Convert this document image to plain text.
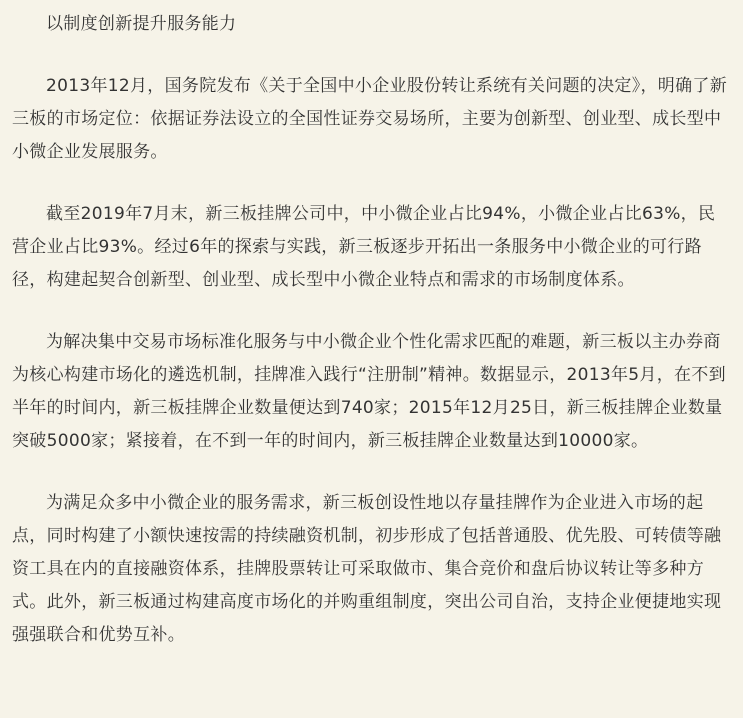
以制度创新提升服务能力

2013年12月，国务院发布《关于全国中小企业股份转让系统有关问题的决定》，明确了新三板的市场定位：依据证券法设立的全国性证券交易场所，主要为创新型、创业型、成长型中小微企业发展服务。

截至2019年7月末，新三板挂牌公司中，中小微企业占比94%，小微企业占比63%，民营企业占比93%。经过6年的探索与实践，新三板逐步开拓出一条服务中小微企业的可行路径，构建起契合创新型、创业型、成长型中小微企业特点和需求的市场制度体系。

为解决集中交易市场标准化服务与中小微企业个性化需求匹配的难题，新三板以主办券商为核心构建市场化的遴选机制，挂牌准入践行“注册制”精神。数据显示，2013年5月，在不到半年的时间内，新三板挂牌企业数量便达到740家；2015年12月25日，新三板挂牌企业数量突破5000家；紧接着，在不到一年的时间内，新三板挂牌企业数量达到10000家。

为满足众多中小微企业的服务需求，新三板创设性地以存量挂牌作为企业进入市场的起点，同时构建了小额快速按需的持续融资机制，初步形成了包括普通股、优先股、可转债等融资工具在内的直接融资体系，挂牌股票转让可采取做市、集合竞价和盘后协议转让等多种方式。此外，新三板通过构建高度市场化的并购重组制度，突出公司自治，支持企业便捷地实现强强联合和优势互补。
